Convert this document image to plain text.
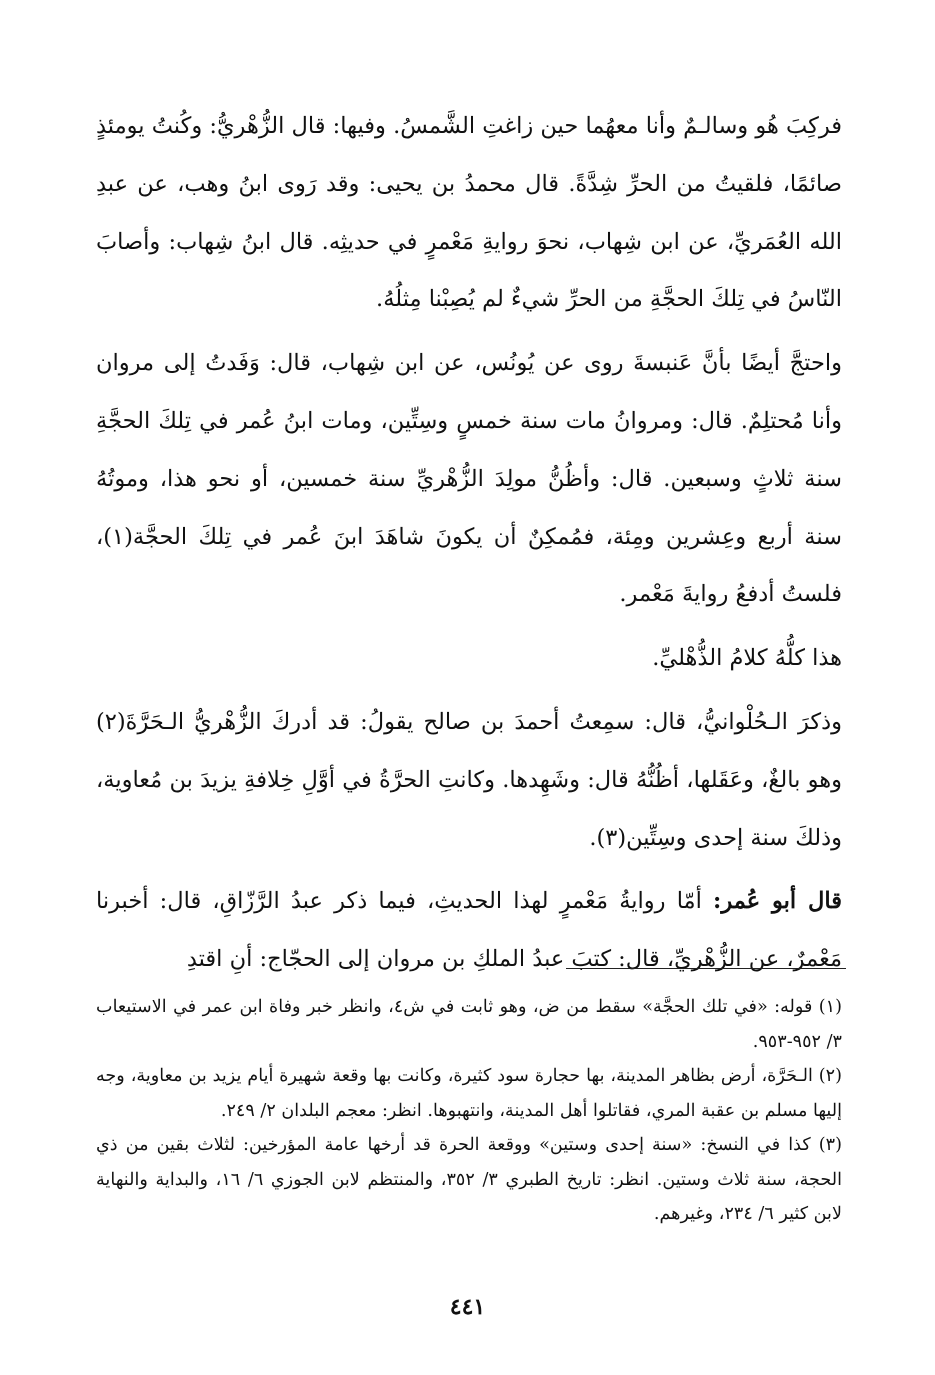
فركِبَ هُو وسالـمٌ وأنا معهُما حين زاغتِ الشَّمسُ. وفيها: قال الزُّهْريُّ: وكُنتُ يومئذٍ صائمًا، فلقيتُ من الحرِّ شِدَّةً. قال محمدُ بن يحيى: وقد رَوى ابنُ وهب، عن عبدِ الله العُمَريِّ، عن ابن شِهاب، نحوَ روايةِ مَعْمرٍ في حديثِه. قال ابنُ شِهاب: وأصابَ النّاسُ في تِلكَ الحجَّةِ من الحرِّ شيءٌ لم يُصِبْنا مِثلُهُ.

واحتجَّ أيضًا بأنَّ عَنبسةَ روى عن يُونُس، عن ابن شِهاب، قال: وَفَدتُ إلى مروان وأنا مُحتلِمٌ. قال: ومروانُ مات سنة خمسٍ وسِتِّين، ومات ابنُ عُمر في تِلكَ الحجَّةِ سنة ثلاثٍ وسبعين. قال: وأظُنُّ مولِدَ الزُّهْريِّ سنة خمسين، أو نحو هذا، وموتُهُ سنة أربع وعِشرين ومِئة، فمُمكِنٌ أن يكونَ شاهَدَ ابنَ عُمر في تِلكَ الحجَّة(١)، فلستُ أدفعُ روايةَ مَعْمر.

هذا كلُّهُ كلامُ الذُّهْليِّ.

وذكرَ الـحُلْوانيُّ، قال: سمِعتُ أحمدَ بن صالح يقولُ: قد أدركَ الزُّهْريُّ الـحَرَّةَ(٢) وهو بالغٌ، وعَقَلها، أظُنُّهُ قال: وشَهِدها. وكانتِ الحرَّةُ في أوَّلِ خِلافةِ يزيدَ بن مُعاوية، وذلكَ سنة إحدى وسِتِّين(٣).

قال أبو عُمر: أمّا روايةُ مَعْمرٍ لهذا الحديثِ، فيما ذكر عبدُ الرَّزّاقِ، قال: أخبرنا مَعْمرٌ، عن الزُّهْريِّ، قال: كتبَ عبدُ الملكِ بن مروان إلى الحجّاج: أنِ اقتدِ

(١) قوله: «في تلك الحجَّة» سقط من ض، وهو ثابت في ش٤، وانظر خبر وفاة ابن عمر في الاستيعاب ٣/ ٩٥٢-٩٥٣.

(٢) الـحَرَّة، أرض بظاهر المدينة، بها حجارة سود كثيرة، وكانت بها وقعة شهيرة أيام يزيد بن معاوية، وجه إليها مسلم بن عقبة المري، فقاتلوا أهل المدينة، وانتهبوها. انظر: معجم البلدان ٢/ ٢٤٩.

(٣) كذا في النسخ: «سنة إحدى وستين» ووقعة الحرة قد أرخها عامة المؤرخين: لثلاث بقين من ذي الحجة، سنة ثلاث وستين. انظر: تاريخ الطبري ٣/ ٣٥٢، والمنتظم لابن الجوزي ٦/ ١٦، والبداية والنهاية لابن كثير ٦/ ٢٣٤، وغيرهم.

٤٤١
